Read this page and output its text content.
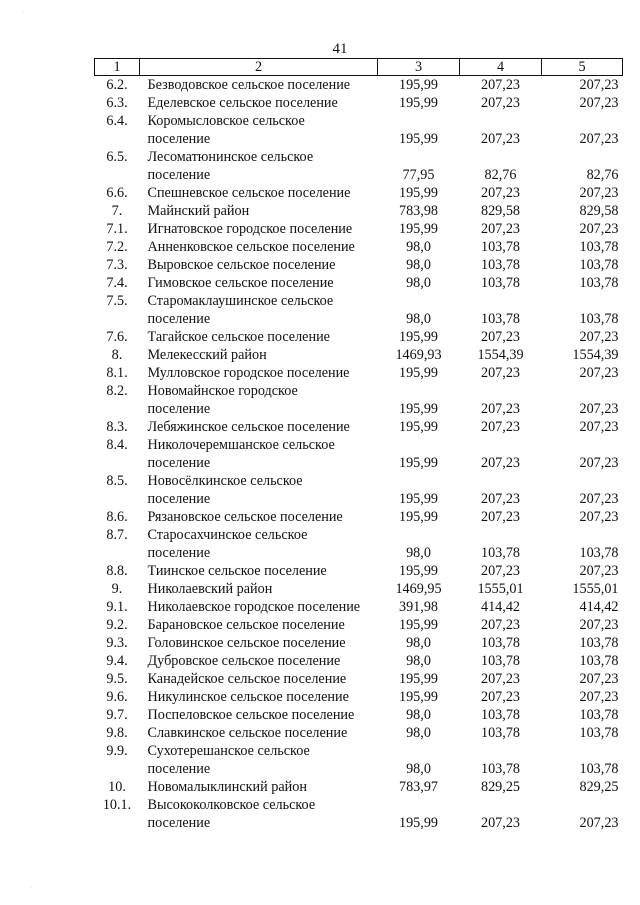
41
1	2	3	4	5
6.2.	Безводовское сельское поселение	195,99	207,23	207,23
6.3.	Еделевское сельское поселение	195,99	207,23	207,23
6.4.	Коромысловское сельское
поселение	195,99	207,23	207,23
6.5.	Лесоматюнинское сельское
поселение	77,95	82,76	82,76
6.6.	Спешневское сельское поселение	195,99	207,23	207,23
7.	Майнский район	783,98	829,58	829,58
7.1.	Игнатовское городское поселение	195,99	207,23	207,23
7.2.	Анненковское сельское поселение	98,0	103,78	103,78
7.3.	Выровское сельское поселение	98,0	103,78	103,78
7.4.	Гимовское сельское поселение	98,0	103,78	103,78
7.5.	Старомаклаушинское сельское
поселение	98,0	103,78	103,78
7.6.	Тагайское сельское поселение	195,99	207,23	207,23
8.	Мелекесский район	1469,93	1554,39	1554,39
8.1.	Мулловское городское поселение	195,99	207,23	207,23
8.2.	Новомайнское городское
поселение	195,99	207,23	207,23
8.3.	Лебяжинское сельское поселение	195,99	207,23	207,23
8.4.	Николочеремшанское сельское
поселение	195,99	207,23	207,23
8.5.	Новосёлкинское сельское
поселение	195,99	207,23	207,23
8.6.	Рязановское сельское поселение	195,99	207,23	207,23
8.7.	Старосахчинское сельское
поселение	98,0	103,78	103,78
8.8.	Тиинское сельское поселение	195,99	207,23	207,23
9.	Николаевский район	1469,95	1555,01	1555,01
9.1.	Николаевское городское поселение	391,98	414,42	414,42
9.2.	Барановское сельское поселение	195,99	207,23	207,23
9.3.	Головинское сельское поселение	98,0	103,78	103,78
9.4.	Дубровское сельское поселение	98,0	103,78	103,78
9.5.	Канадейское сельское поселение	195,99	207,23	207,23
9.6.	Никулинское сельское поселение	195,99	207,23	207,23
9.7.	Поспеловское сельское поселение	98,0	103,78	103,78
9.8.	Славкинское сельское поселение	98,0	103,78	103,78
9.9.	Сухотерешанское сельское
поселение	98,0	103,78	103,78
10.	Новомалыклинский район	783,97	829,25	829,25
10.1.	Высококолковское сельское
поселение	195,99	207,23	207,23
·
·
